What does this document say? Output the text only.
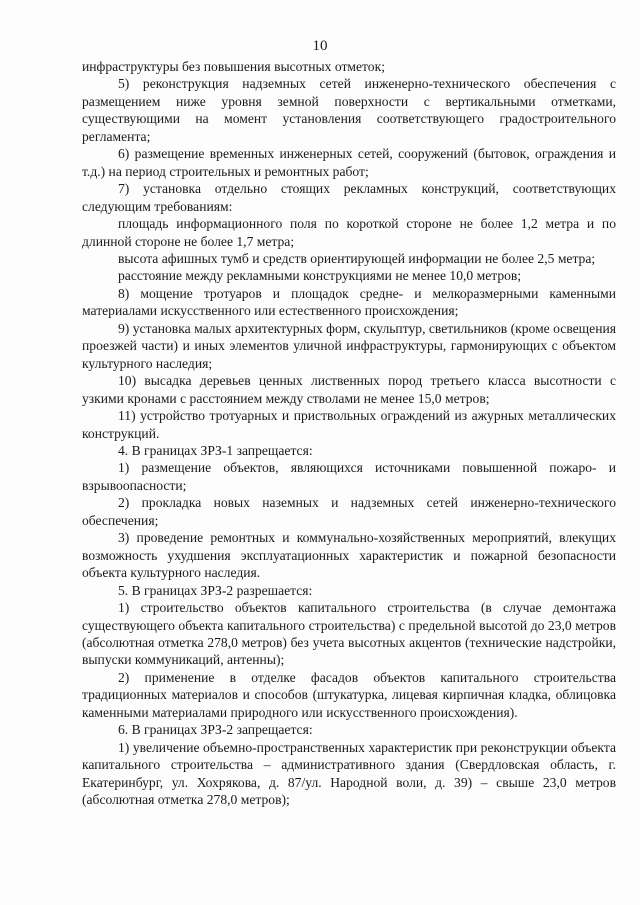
10

инфраструктуры без повышения высотных отметок;

5) реконструкция надземных сетей инженерно-технического обеспечения с размещением ниже уровня земной поверхности с вертикальными отметками, существующими на момент установления соответствующего градостроительного регламента;

6) размещение временных инженерных сетей, сооружений (бытовок, ограждения и т.д.) на период строительных и ремонтных работ;

7) установка отдельно стоящих рекламных конструкций, соответствующих следующим требованиям:

площадь информационного поля по короткой стороне не более 1,2 метра и по длинной стороне не более 1,7 метра;

высота афишных тумб и средств ориентирующей информации не более 2,5 метра;

расстояние между рекламными конструкциями не менее 10,0 метров;

8) мощение тротуаров и площадок средне- и мелкоразмерными каменными материалами искусственного или естественного происхождения;

9) установка малых архитектурных форм, скульптур, светильников (кроме освещения проезжей части) и иных элементов уличной инфраструктуры, гармонирующих с объектом культурного наследия;

10) высадка деревьев ценных лиственных пород третьего класса высотности с узкими кронами с расстоянием между стволами не менее 15,0 метров;

11) устройство тротуарных и приствольных ограждений из ажурных металлических конструкций.

4. В границах ЗРЗ-1 запрещается:

1) размещение объектов, являющихся источниками повышенной пожаро- и взрывоопасности;

2) прокладка новых наземных и надземных сетей инженерно-технического обеспечения;

3) проведение ремонтных и коммунально-хозяйственных мероприятий, влекущих возможность ухудшения эксплуатационных характеристик и пожарной безопасности объекта культурного наследия.

5. В границах ЗРЗ-2 разрешается:

1) строительство объектов капитального строительства (в случае демонтажа существующего объекта капитального строительства) с предельной высотой до 23,0 метров (абсолютная отметка 278,0 метров) без учета высотных акцентов (технические надстройки, выпуски коммуникаций, антенны);

2) применение в отделке фасадов объектов капитального строительства традиционных материалов и способов (штукатурка, лицевая кирпичная кладка, облицовка каменными материалами природного или искусственного происхождения).

6. В границах ЗРЗ-2 запрещается:

1) увеличение объемно-пространственных характеристик при реконструкции объекта капитального строительства – административного здания (Свердловская область, г. Екатеринбург, ул. Хохрякова, д. 87/ул. Народной воли, д. 39) – свыше 23,0 метров (абсолютная отметка 278,0 метров);
